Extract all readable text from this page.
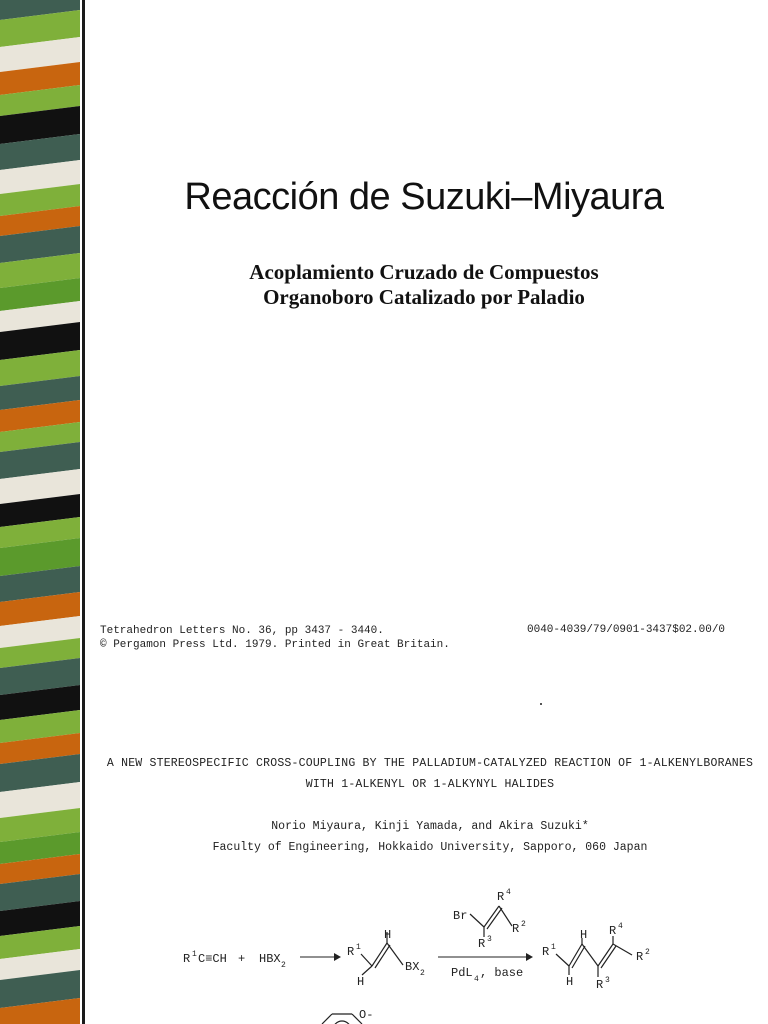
Reacción de Suzuki–Miyaura
Acoplamiento Cruzado de Compuestos
Organoboro Catalizado por Paladio
Tetrahedron Letters No. 36, pp 3437 - 3440.
© Pergamon Press Ltd. 1979. Printed in Great Britain.
0040-4039/79/0901-3437$02.00/0
A NEW STEREOSPECIFIC CROSS-COUPLING BY THE PALLADIUM-CATALYZED REACTION OF 1-ALKENYLBORANES
WITH 1-ALKENYL OR 1-ALKYNYL HALIDES
Norio Miyaura, Kinji Yamada, and Akira Suzuki*
Faculty of Engineering, Hokkaido University, Sapporo, 060 Japan
R 1 C≡CH + HBX 2
R 1
H
H
BX 2
R 4
Br
R 2
R 3
PdL 4 , base
R 1
H
H
R 3
R 4
R 2
O-
